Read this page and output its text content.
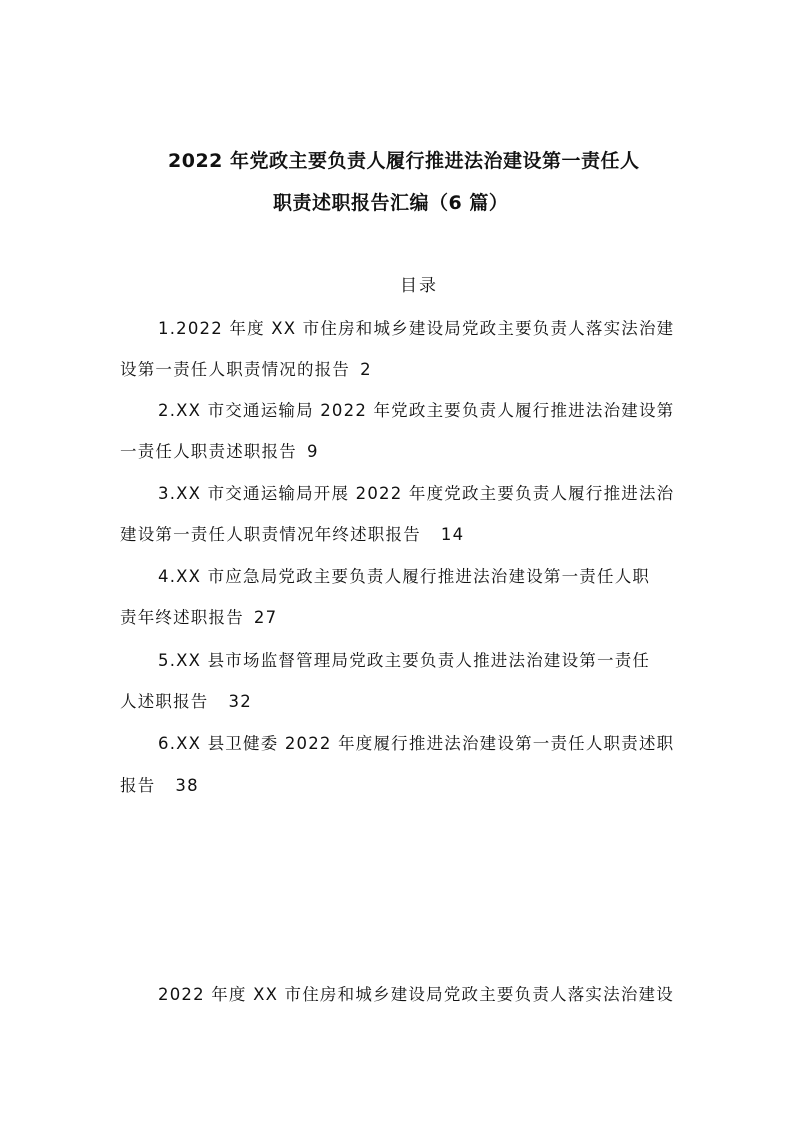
2022 年党政主要负责人履行推进法治建设第一责任人
职责述职报告汇编（6 篇）
目录
1.2022 年度 XX 市住房和城乡建设局党政主要负责人落实法治建
设第一责任人职责情况的报告 2
2.XX 市交通运输局 2022 年党政主要负责人履行推进法治建设第
一责任人职责述职报告 9
3.XX 市交通运输局开展 2022 年度党政主要负责人履行推进法治
建设第一责任人职责情况年终述职报告 14
4.XX 市应急局党政主要负责人履行推进法治建设第一责任人职
责年终述职报告 27
5.XX 县市场监督管理局党政主要负责人推进法治建设第一责任
人述职报告 32
6.XX 县卫健委 2022 年度履行推进法治建设第一责任人职责述职
报告 38
2022 年度 XX 市住房和城乡建设局党政主要负责人落实法治建设
